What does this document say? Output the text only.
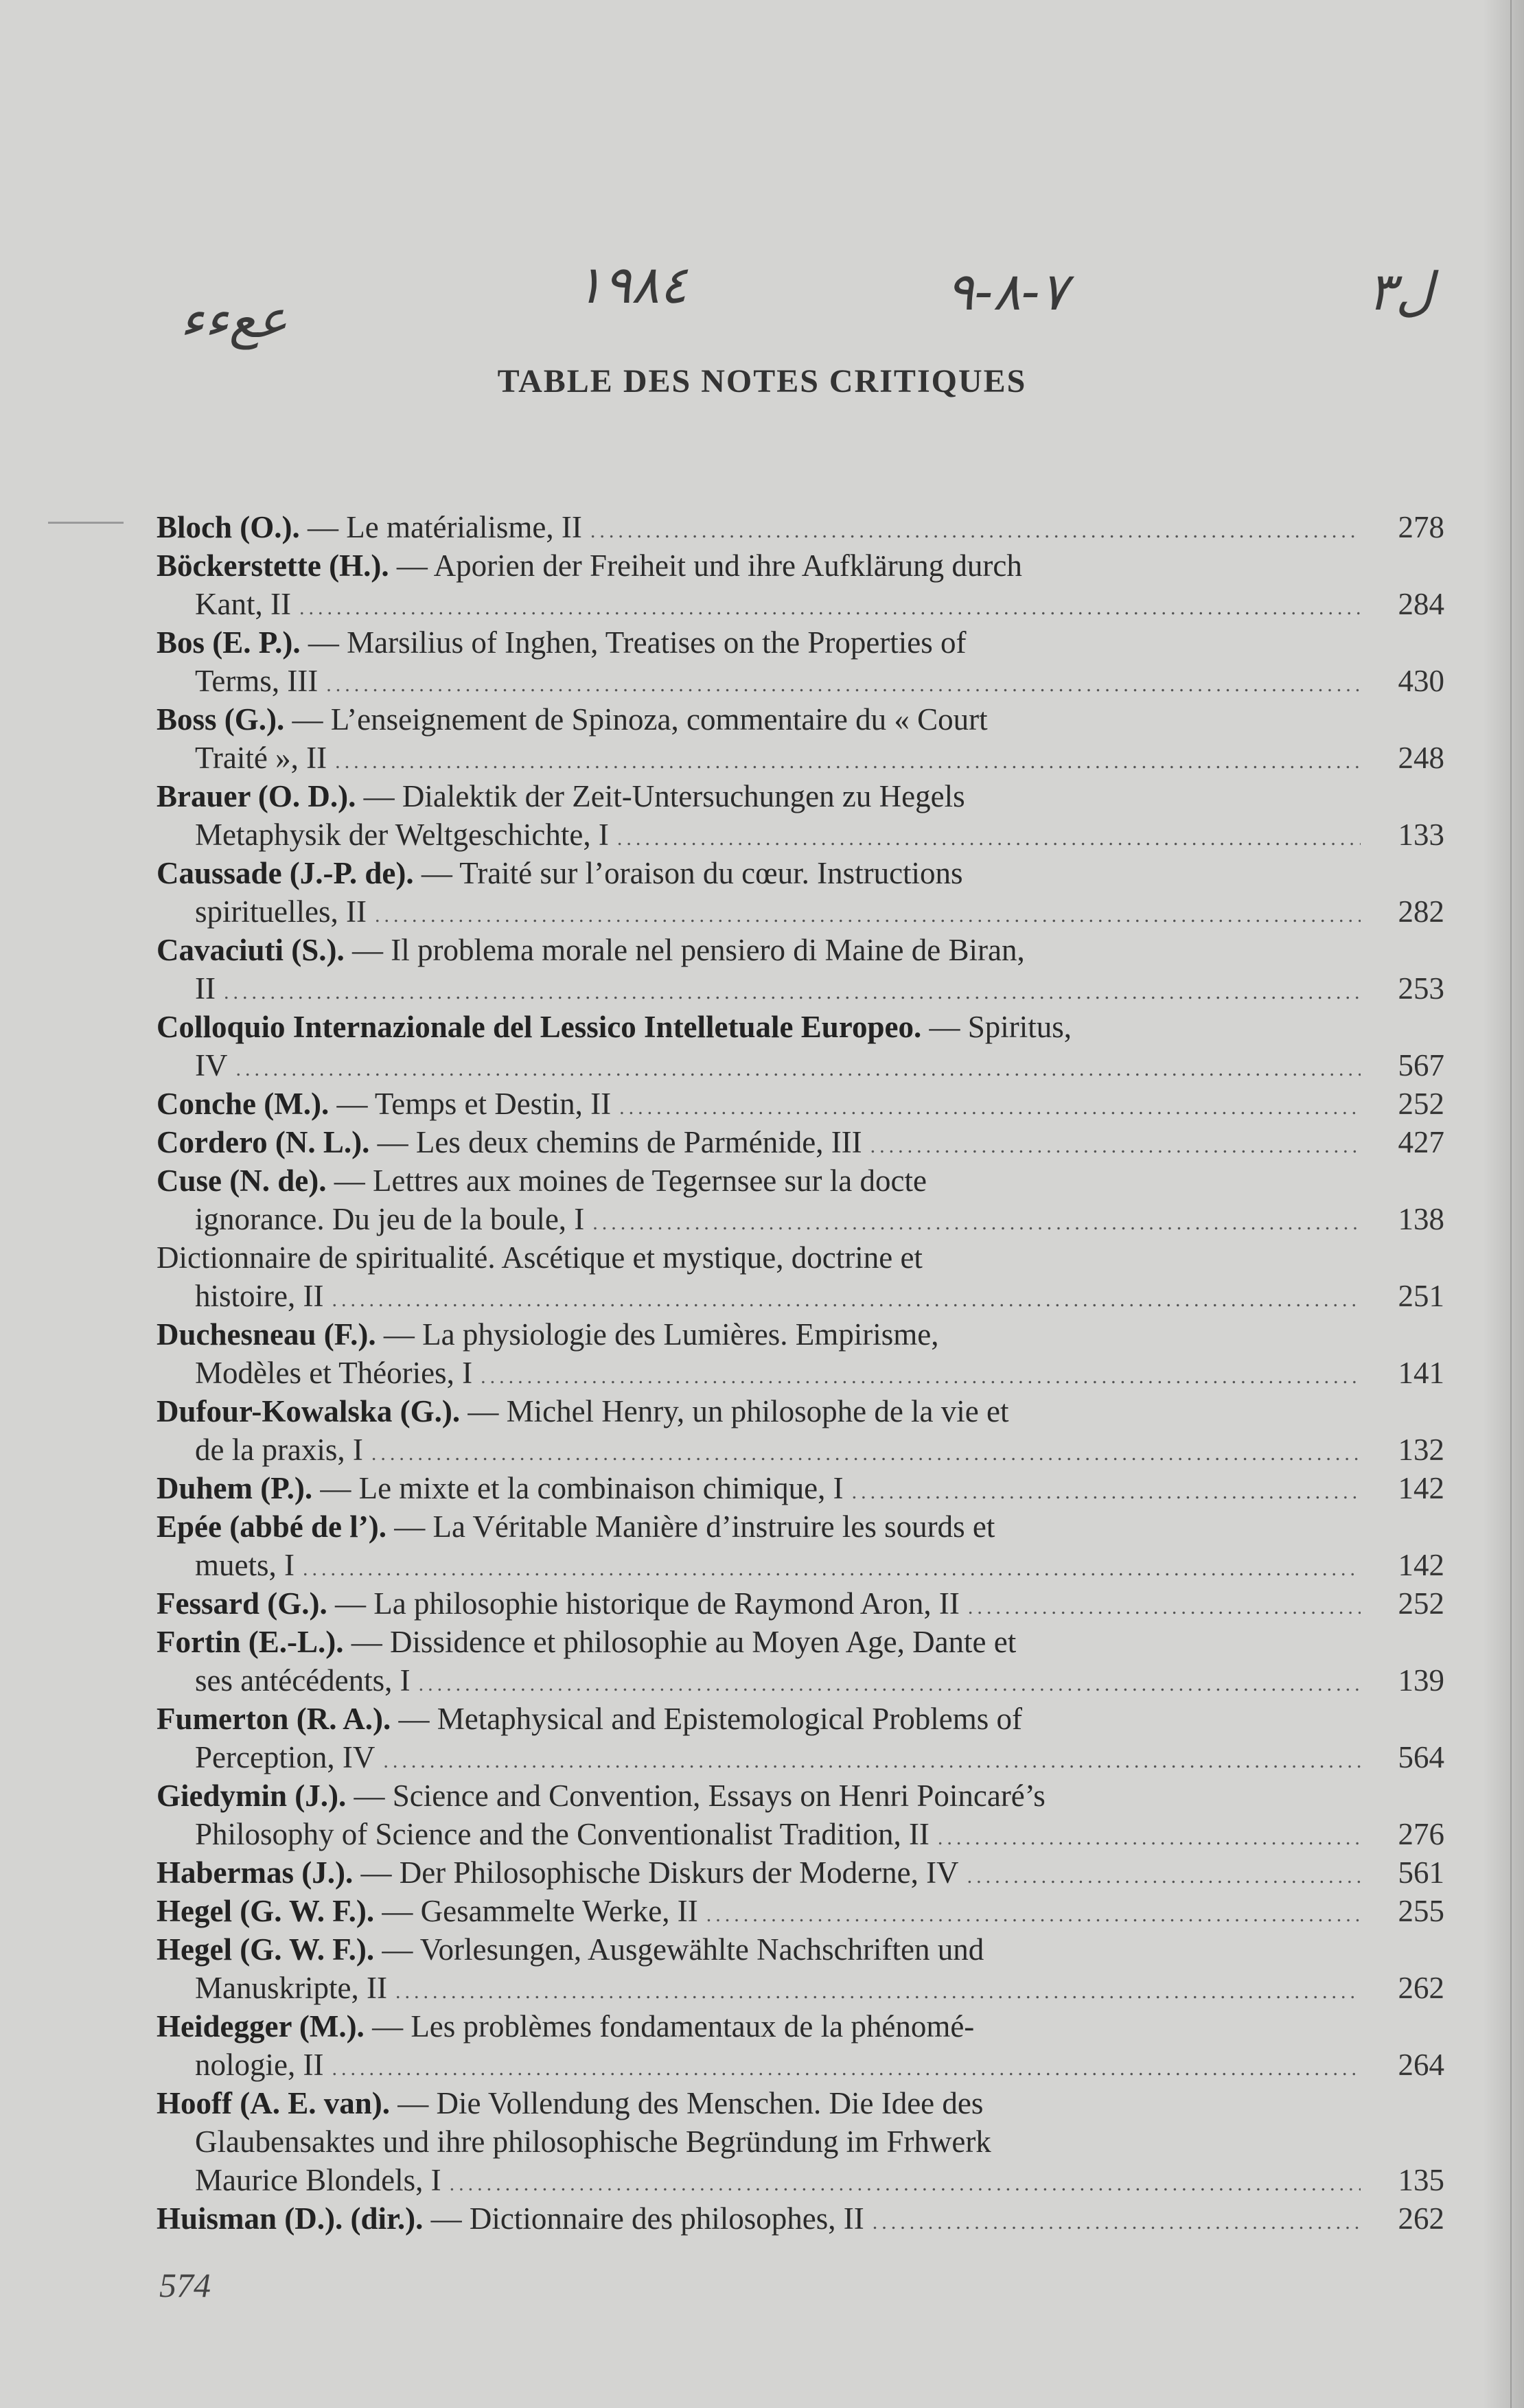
ععءء
١٩٨٤	٧-٨-٩	ل٣
TABLE DES NOTES CRITIQUES
Bloch (O.). — Le matérialisme, II .....	278
Böckerstette (H.). — Aporien der Freiheit und ihre Aufklärung durch
Kant, II .....	284
Bos (E. P.). — Marsilius of Inghen, Treatises on the Properties of
Terms, III .....	430
Boss (G.). — L’enseignement de Spinoza, commentaire du « Court
Traité », II .....	248
Brauer (O. D.). — Dialektik der Zeit-Untersuchungen zu Hegels
Metaphysik der Weltgeschichte, I .....	133
Caussade (J.-P. de). — Traité sur l’oraison du cœur. Instructions
spirituelles, II .....	282
Cavaciuti (S.). — Il problema morale nel pensiero di Maine de Biran,
II .....	253
Colloquio Internazionale del Lessico Intelletuale Europeo. — Spiritus,
IV .....	567
Conche (M.). — Temps et Destin, II .....	252
Cordero (N. L.). — Les deux chemins de Parménide, III .....	427
Cuse (N. de). — Lettres aux moines de Tegernsee sur la docte
ignorance. Du jeu de la boule, I .....	138
Dictionnaire de spiritualité. Ascétique et mystique, doctrine et
histoire, II .....	251
Duchesneau (F.). — La physiologie des Lumières. Empirisme,
Modèles et Théories, I .....	141
Dufour-Kowalska (G.). — Michel Henry, un philosophe de la vie et
de la praxis, I .....	132
Duhem (P.). — Le mixte et la combinaison chimique, I .....	142
Epée (abbé de l’). — La Véritable Manière d’instruire les sourds et
muets, I .....	142
Fessard (G.). — La philosophie historique de Raymond Aron, II .....	252
Fortin (E.-L.). — Dissidence et philosophie au Moyen Age, Dante et
ses antécédents, I .....	139
Fumerton (R. A.). — Metaphysical and Epistemological Problems of
Perception, IV .....	564
Giedymin (J.). — Science and Convention, Essays on Henri Poincaré’s
Philosophy of Science and the Conventionalist Tradition, II .....	276
Habermas (J.). — Der Philosophische Diskurs der Moderne, IV .....	561
Hegel (G. W. F.). — Gesammelte Werke, II .....	255
Hegel (G. W. F.). — Vorlesungen, Ausgewählte Nachschriften und
Manuskripte, II .....	262
Heidegger (M.). — Les problèmes fondamentaux de la phénomé-
nologie, II .....	264
Hooff (A. E. van). — Die Vollendung des Menschen. Die Idee des
Glaubensaktes und ihre philosophische Begründung im Frhwerk
Maurice Blondels, I .....	135
Huisman (D.). (dir.). — Dictionnaire des philosophes, II .....	262
574
